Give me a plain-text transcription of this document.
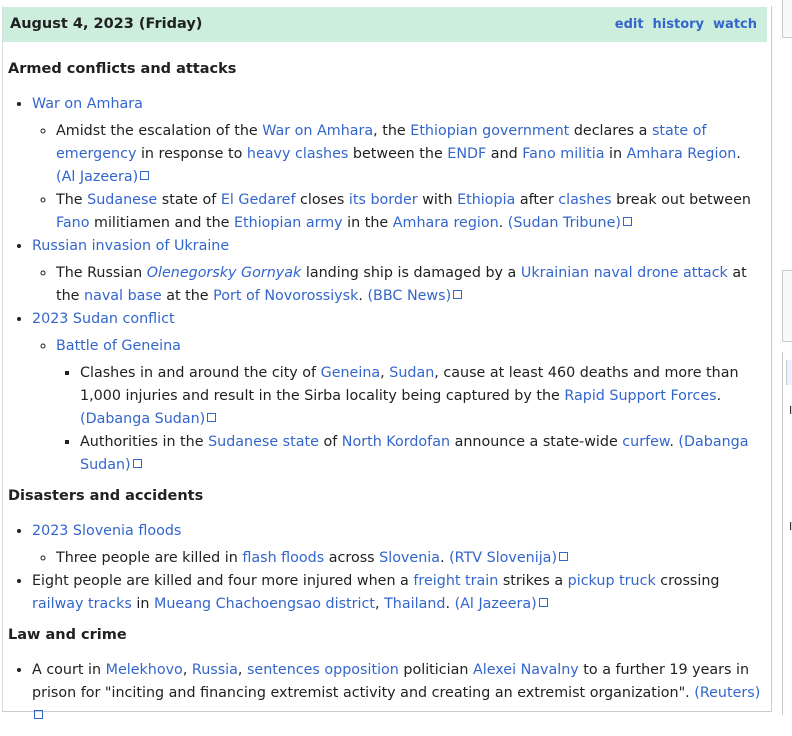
August 4, 2023 (Friday)	edit history watch
Armed conflicts and attacks
• War on Amhara
◦ Amidst the escalation of the War on Amhara, the Ethiopian government declares a state of emergency in response to heavy clashes between the ENDF and Fano militia in Amhara Region. (Al Jazeera)
◦ The Sudanese state of El Gedaref closes its border with Ethiopia after clashes break out between Fano militiamen and the Ethiopian army in the Amhara region. (Sudan Tribune)
• Russian invasion of Ukraine
◦ The Russian Olenegorsky Gornyak landing ship is damaged by a Ukrainian naval drone attack at the naval base at the Port of Novorossiysk. (BBC News)
• 2023 Sudan conflict
◦ Battle of Geneina
▪ Clashes in and around the city of Geneina, Sudan, cause at least 460 deaths and more than 1,000 injuries and result in the Sirba locality being captured by the Rapid Support Forces. (Dabanga Sudan)
▪ Authorities in the Sudanese state of North Kordofan announce a state-wide curfew. (Dabanga Sudan)
Disasters and accidents
• 2023 Slovenia floods
◦ Three people are killed in flash floods across Slovenia. (RTV Slovenija)
• Eight people are killed and four more injured when a freight train strikes a pickup truck crossing railway tracks in Mueang Chachoengsao district, Thailand. (Al Jazeera)
Law and crime
• A court in Melekhovo, Russia, sentences opposition politician Alexei Navalny to a further 19 years in prison for "inciting and financing extremist activity and creating an extremist organization". (Reuters)
I
I
